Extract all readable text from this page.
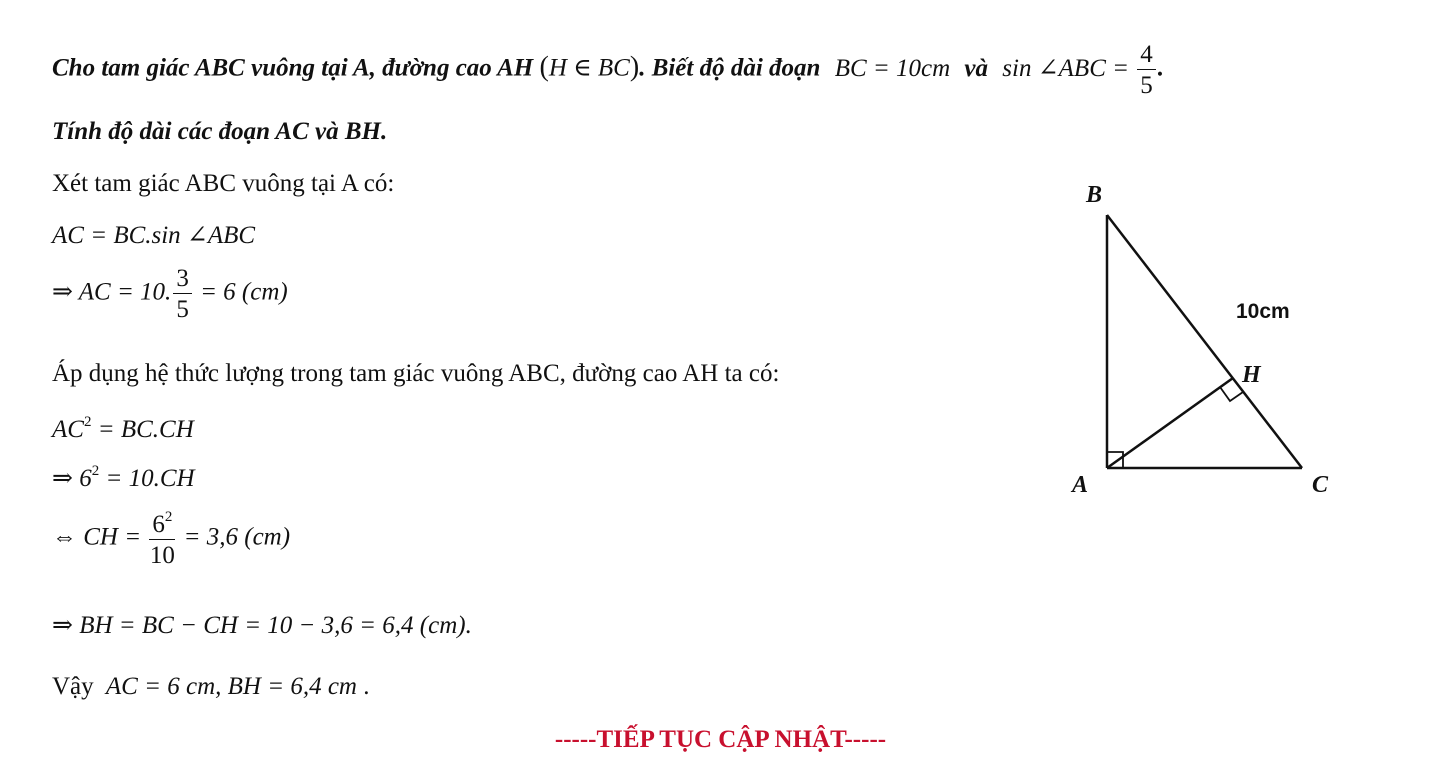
Cho tam giác ABC vuông tại A, đường cao AH (H ∈ BC). Biết độ dài đoạn BC = 10cm và sin ∠ABC = $\frac{4}{5}$ .
Tính độ dài các đoạn AC và BH.
Xét tam giác ABC vuông tại A có:
AC = BC.sin ∠ABC
⇒ AC = 10. $\frac{3}{5} = 6$ (cm)
Áp dụng hệ thức lượng trong tam giác vuông ABC, đường cao AH ta có:
$AC^2 = BC.CH$
⇒ $6^2 = 10.CH$
⇔ CH = $\frac{6^2}{10} = 3,6$ (cm)
⇒ BH = BC − CH = 10 − 3,6 = 6,4 (cm).
Vậy AC = 6 cm, BH = 6,4 cm .
B
A	C
H
10cm
-----TIẾP TỤC CẬP NHẬT-----
